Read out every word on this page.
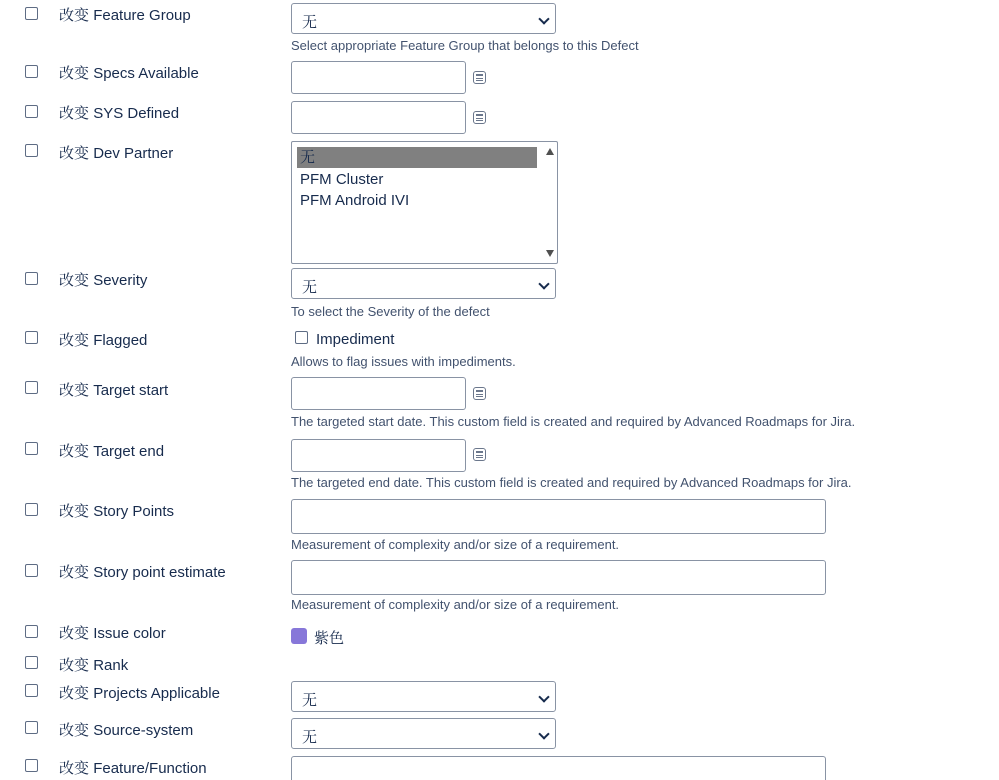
改变 Feature Group	无
Select appropriate Feature Group that belongs to this Defect
改变 Specs Available
改变 SYS Defined
改变 Dev Partner	无
PFM Cluster
PFM Android IVI
改变 Severity	无
To select the Severity of the defect
改变 Flagged	Impediment
Allows to flag issues with impediments.
改变 Target start
The targeted start date. This custom field is created and required by Advanced Roadmaps for Jira.
改变 Target end
The targeted end date. This custom field is created and required by Advanced Roadmaps for Jira.
改变 Story Points
Measurement of complexity and/or size of a requirement.
改变 Story point estimate
Measurement of complexity and/or size of a requirement.
改变 Issue color	紫色
改变 Rank
改变 Projects Applicable	无
改变 Source-system	无
改变 Feature/Function
